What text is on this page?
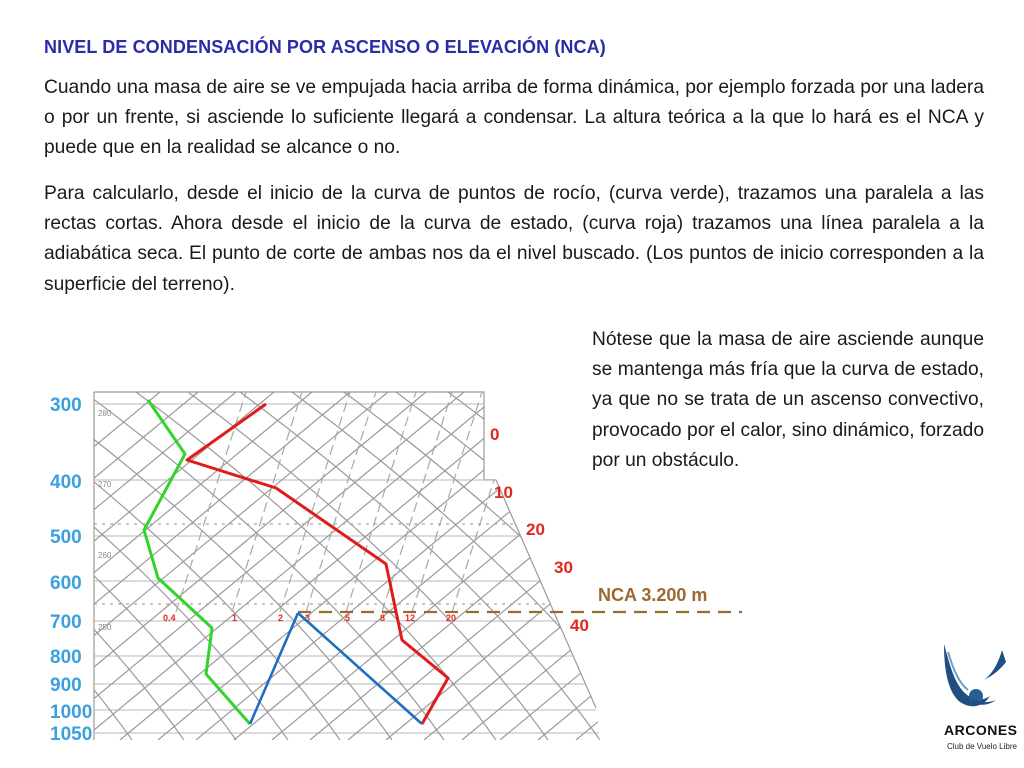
NIVEL DE CONDENSACIÓN POR ASCENSO O ELEVACIÓN (NCA)

Cuando una masa de aire se ve empujada hacia arriba de forma dinámica, por ejemplo forzada por una ladera o por un frente, si asciende lo suficiente llegará a condensar. La altura teórica a la que lo hará es el NCA y puede que en la realidad se alcance o no.

Para calcularlo, desde el inicio de la curva de puntos de rocío, (curva verde), trazamos una paralela a las rectas cortas. Ahora desde el inicio de la curva de estado, (curva roja) trazamos una línea paralela a la adiabática seca. El punto de corte de ambas nos da el nivel buscado. (Los puntos de inicio corresponden a la superficie del terreno).

Nótese que la masa de aire asciende aunque se mantenga más fría que la curva de estado, ya que no se trata de un ascenso convectivo, provocado por el calor, sino dinámico, forzado por un obstáculo.

300
400
500
600
700
800
900
1000
1050
0
10
20
30
40
280
270
260
250
0.4	1	2 3	5	8 12	20
NCA 3.200 m
ARCONES
Club de Vuelo Libre
